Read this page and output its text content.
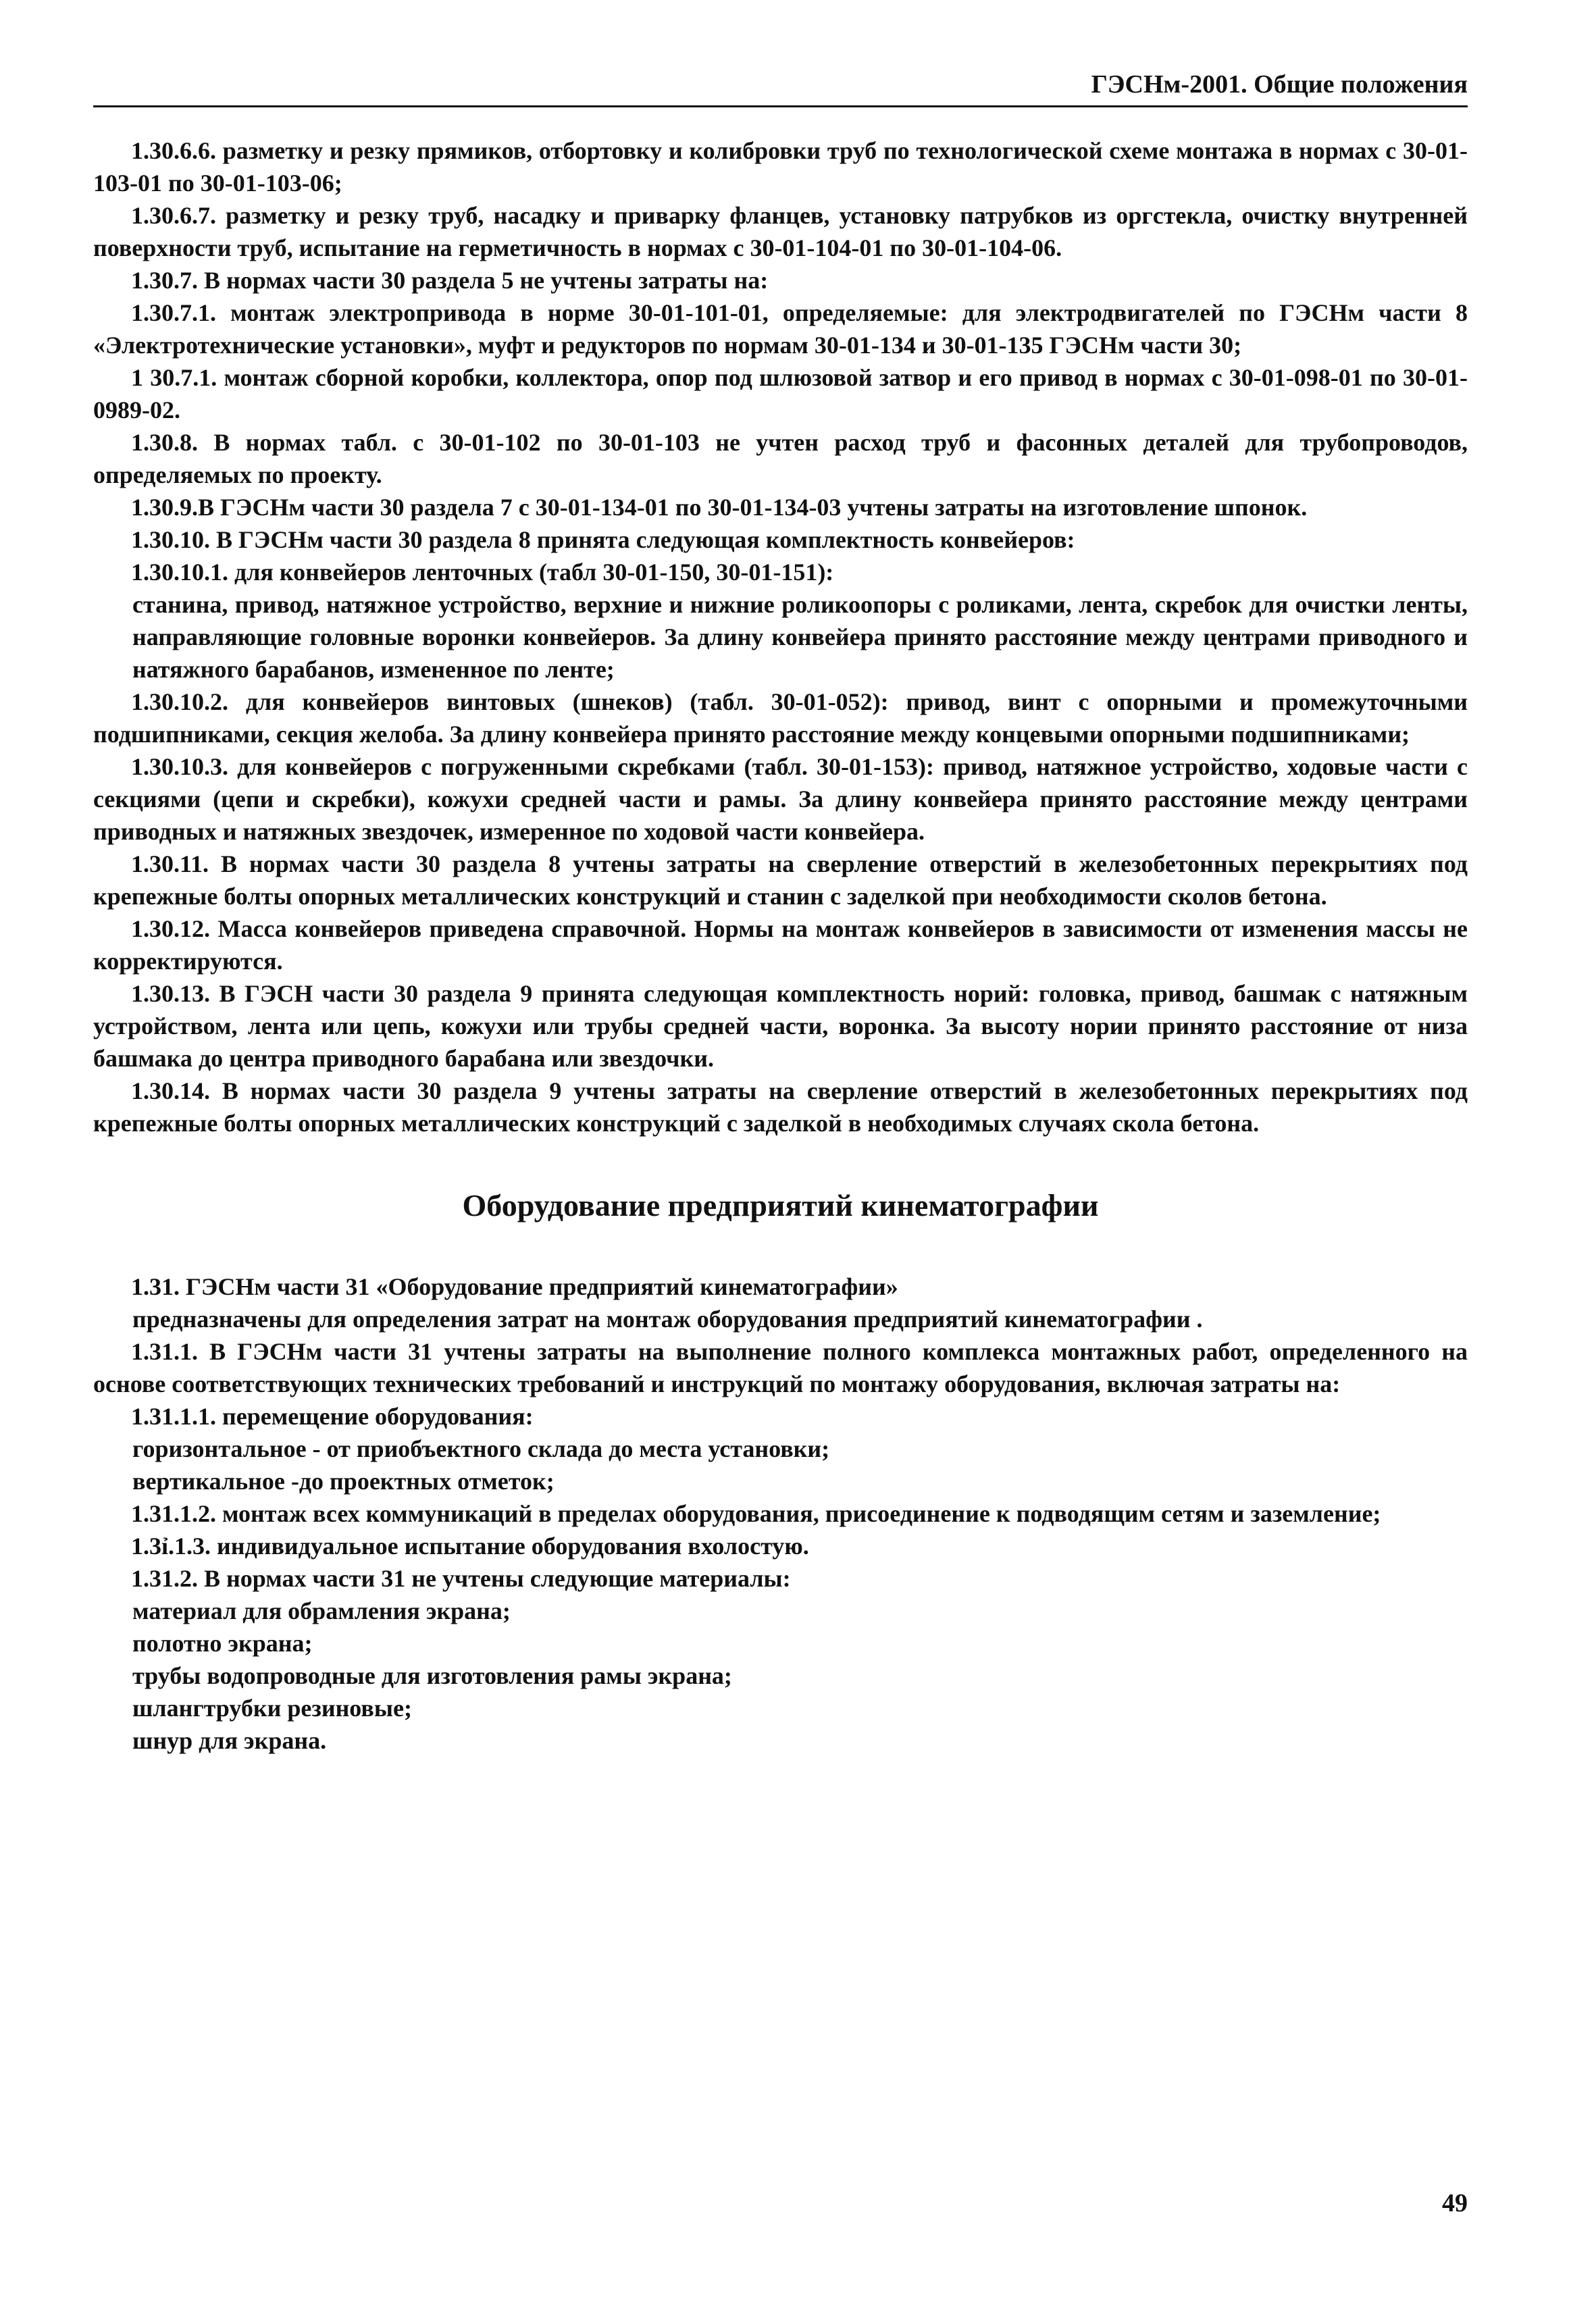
ГЭСНм-2001. Общие положения

1.30.6.6. разметку и резку прямиков, отбортовку и колибровки труб по технологической схеме монтажа в нормах с 30-01-103-01 по 30-01-103-06;

1.30.6.7. разметку и резку труб, насадку и приварку фланцев, установку патрубков из оргстекла, очистку внутренней поверхности труб, испытание на герметичность в нормах с 30-01-104-01 по 30-01-104-06.

1.30.7. В нормах части 30 раздела 5 не учтены затраты на:

1.30.7.1. монтаж электропривода в норме 30-01-101-01, определяемые: для электродвигателей по ГЭСНм части 8 «Электротехнические установки», муфт и редукторов по нормам 30-01-134 и 30-01-135 ГЭСНм части 30;

1 30.7.1. монтаж сборной коробки, коллектора, опор под шлюзовой затвор и его привод в нормах с 30-01-098-01 по 30-01-0989-02.

1.30.8. В нормах табл. с 30-01-102 по 30-01-103 не учтен расход труб и фасонных деталей для трубопроводов, определяемых по проекту.

1.30.9.В ГЭСНм части 30 раздела 7 с 30-01-134-01 по 30-01-134-03 учтены затраты на изготовление шпонок.

1.30.10. В ГЭСНм части 30 раздела 8 принята следующая комплектность конвейеров:

1.30.10.1. для конвейеров ленточных (табл 30-01-150, 30-01-151):

станина, привод, натяжное устройство, верхние и нижние роликоопоры с роликами, лента, скребок для очистки ленты, направляющие головные воронки конвейеров. За длину конвейера принято расстояние между центрами приводного и натяжного барабанов, измененное по ленте;

1.30.10.2. для конвейеров винтовых (шнеков) (табл. 30-01-052): привод, винт с опорными и промежуточными подшипниками, секция желоба. За длину конвейера принято расстояние между концевыми опорными подшипниками;

1.30.10.3. для конвейеров с погруженными скребками (табл. 30-01-153): привод, натяжное устройство, ходовые части с секциями (цепи и скребки), кожухи средней части и рамы. За длину конвейера принято расстояние между центрами приводных и натяжных звездочек, измеренное по ходовой части конвейера.

1.30.11. В нормах части 30 раздела 8 учтены затраты на сверление отверстий в железобетонных перекрытиях под крепежные болты опорных металлических конструкций и станин с заделкой при необходимости сколов бетона.

1.30.12. Масса конвейеров приведена справочной. Нормы на монтаж конвейеров в зависимости от изменения массы не корректируются.

1.30.13. В ГЭСН части 30 раздела 9 принята следующая комплектность норий: головка, привод, башмак с натяжным устройством, лента или цепь, кожухи или трубы средней части, воронка. За высоту нории принято расстояние от низа башмака до центра приводного барабана или звездочки.

1.30.14. В нормах части 30 раздела 9 учтены затраты на сверление отверстий в железобетонных перекрытиях под крепежные болты опорных металлических конструкций с заделкой в необходимых случаях скола бетона.

Оборудование предприятий кинематографии

1.31. ГЭСНм части 31 «Оборудование предприятий кинематографии»

предназначены для определения затрат на монтаж оборудования предприятий кинематографии .

1.31.1. В ГЭСНм части 31 учтены затраты на выполнение полного комплекса монтажных работ, определенного на основе соответствующих технических требований и инструкций по монтажу оборудования, включая затраты на:

1.31.1.1. перемещение оборудования:

горизонтальное - от приобъектного склада до места установки;

вертикальное -до проектных отметок;

1.31.1.2. монтаж всех коммуникаций в пределах оборудования, присоединение к подводящим сетям и заземление;

1.3ỉ.1.3. индивидуальное испытание оборудования вхолостую.

1.31.2. В нормах части 31 не учтены следующие материалы:

материал для обрамления экрана;

полотно экрана;

трубы водопроводные для изготовления рамы экрана;

шлангтрубки резиновые;

шнур для экрана.

49
